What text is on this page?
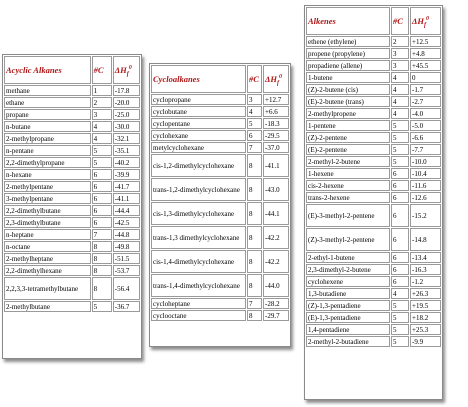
Acyclic Alkanes	#C	$\Delta H_f^0$
methane	1	-17.8
ethane	2	-20.0
propane	3	-25.0
n-butane	4	-30.0
2-methylpropane	4	-32.1
n-pentane	5	-35.1
2,2-dimethylpropane	5	-40.2
n-hexane	6	-39.9
2-methylpentane	6	-41.7
3-methylpentane	6	-41.1
2,2-dimethylbutane	6	-44.4
2,3-dimethylbutane	6	-42.5
n-heptane	7	-44.8
n-octane	8	-49.8
2-methylheptane	8	-51.5
2,2-dimethylhexane	8	-53.7
2,2,3,3-tetramethylbutane	8	-56.4
2-methylbutane	5	-36.7
Cycloalkanes	#C	$\Delta H_f^0$
cyclopropane	3	+12.7
cyclobutane	4	+6.6
cyclopentane	5	-18.3
cyclohexane	6	-29.5
metylcyclohexane	7	-37.0
cis-1,2-dimethylcyclohexane	8	-41.1
trans-1,2-dimethylcyclohexane	8	-43.0
cis-1,3-dimethylcyclohexane	8	-44.1
trans-1,3 dimethylcyclohexane	8	-42.2
cis-1,4-dimethylcyclohexane	8	-42.2
trans-1,4-dimethylcyclohexane	8	-44.0
cycloheptane	7	-28.2
cyclooctane	8	-29.7
Alkenes	#C	$\Delta H_f^0$
ethene (ethylene)	2	+12.5
propene (propylene)	3	+4.8
propadiene (allene)	3	+45.5
1-butene	4	0
(Z)-2-butene (cis)	4	-1.7
(E)-2-butene (trans)	4	-2.7
2-methylpropene	4	-4.0
1-pentene	5	-5.0
(Z)-2-pentene	5	-6.6
(E)-2-pentene	5	-7.7
2-methyl-2-butene	5	-10.0
1-hexene	6	-10.4
cis-2-hexene	6	-11.6
trans-2-hexene	6	-12.6
(E)-3-methyl-2-pentene	6	-15.2
(Z)-3-methyl-2-pentene	6	-14.8
2-ethyl-1-butene	6	-13.4
2,3-dimethyl-2-butene	6	-16.3
cyclohexene	6	-1.2
1,3-butadiene	4	+26.3
(Z)-1,3-pentadiene	5	+19.5
(E)-1,3-pentadiene	5	+18.2
1,4-pentadiene	5	+25.3
2-methyl-2-butadiene	5	-9.9
